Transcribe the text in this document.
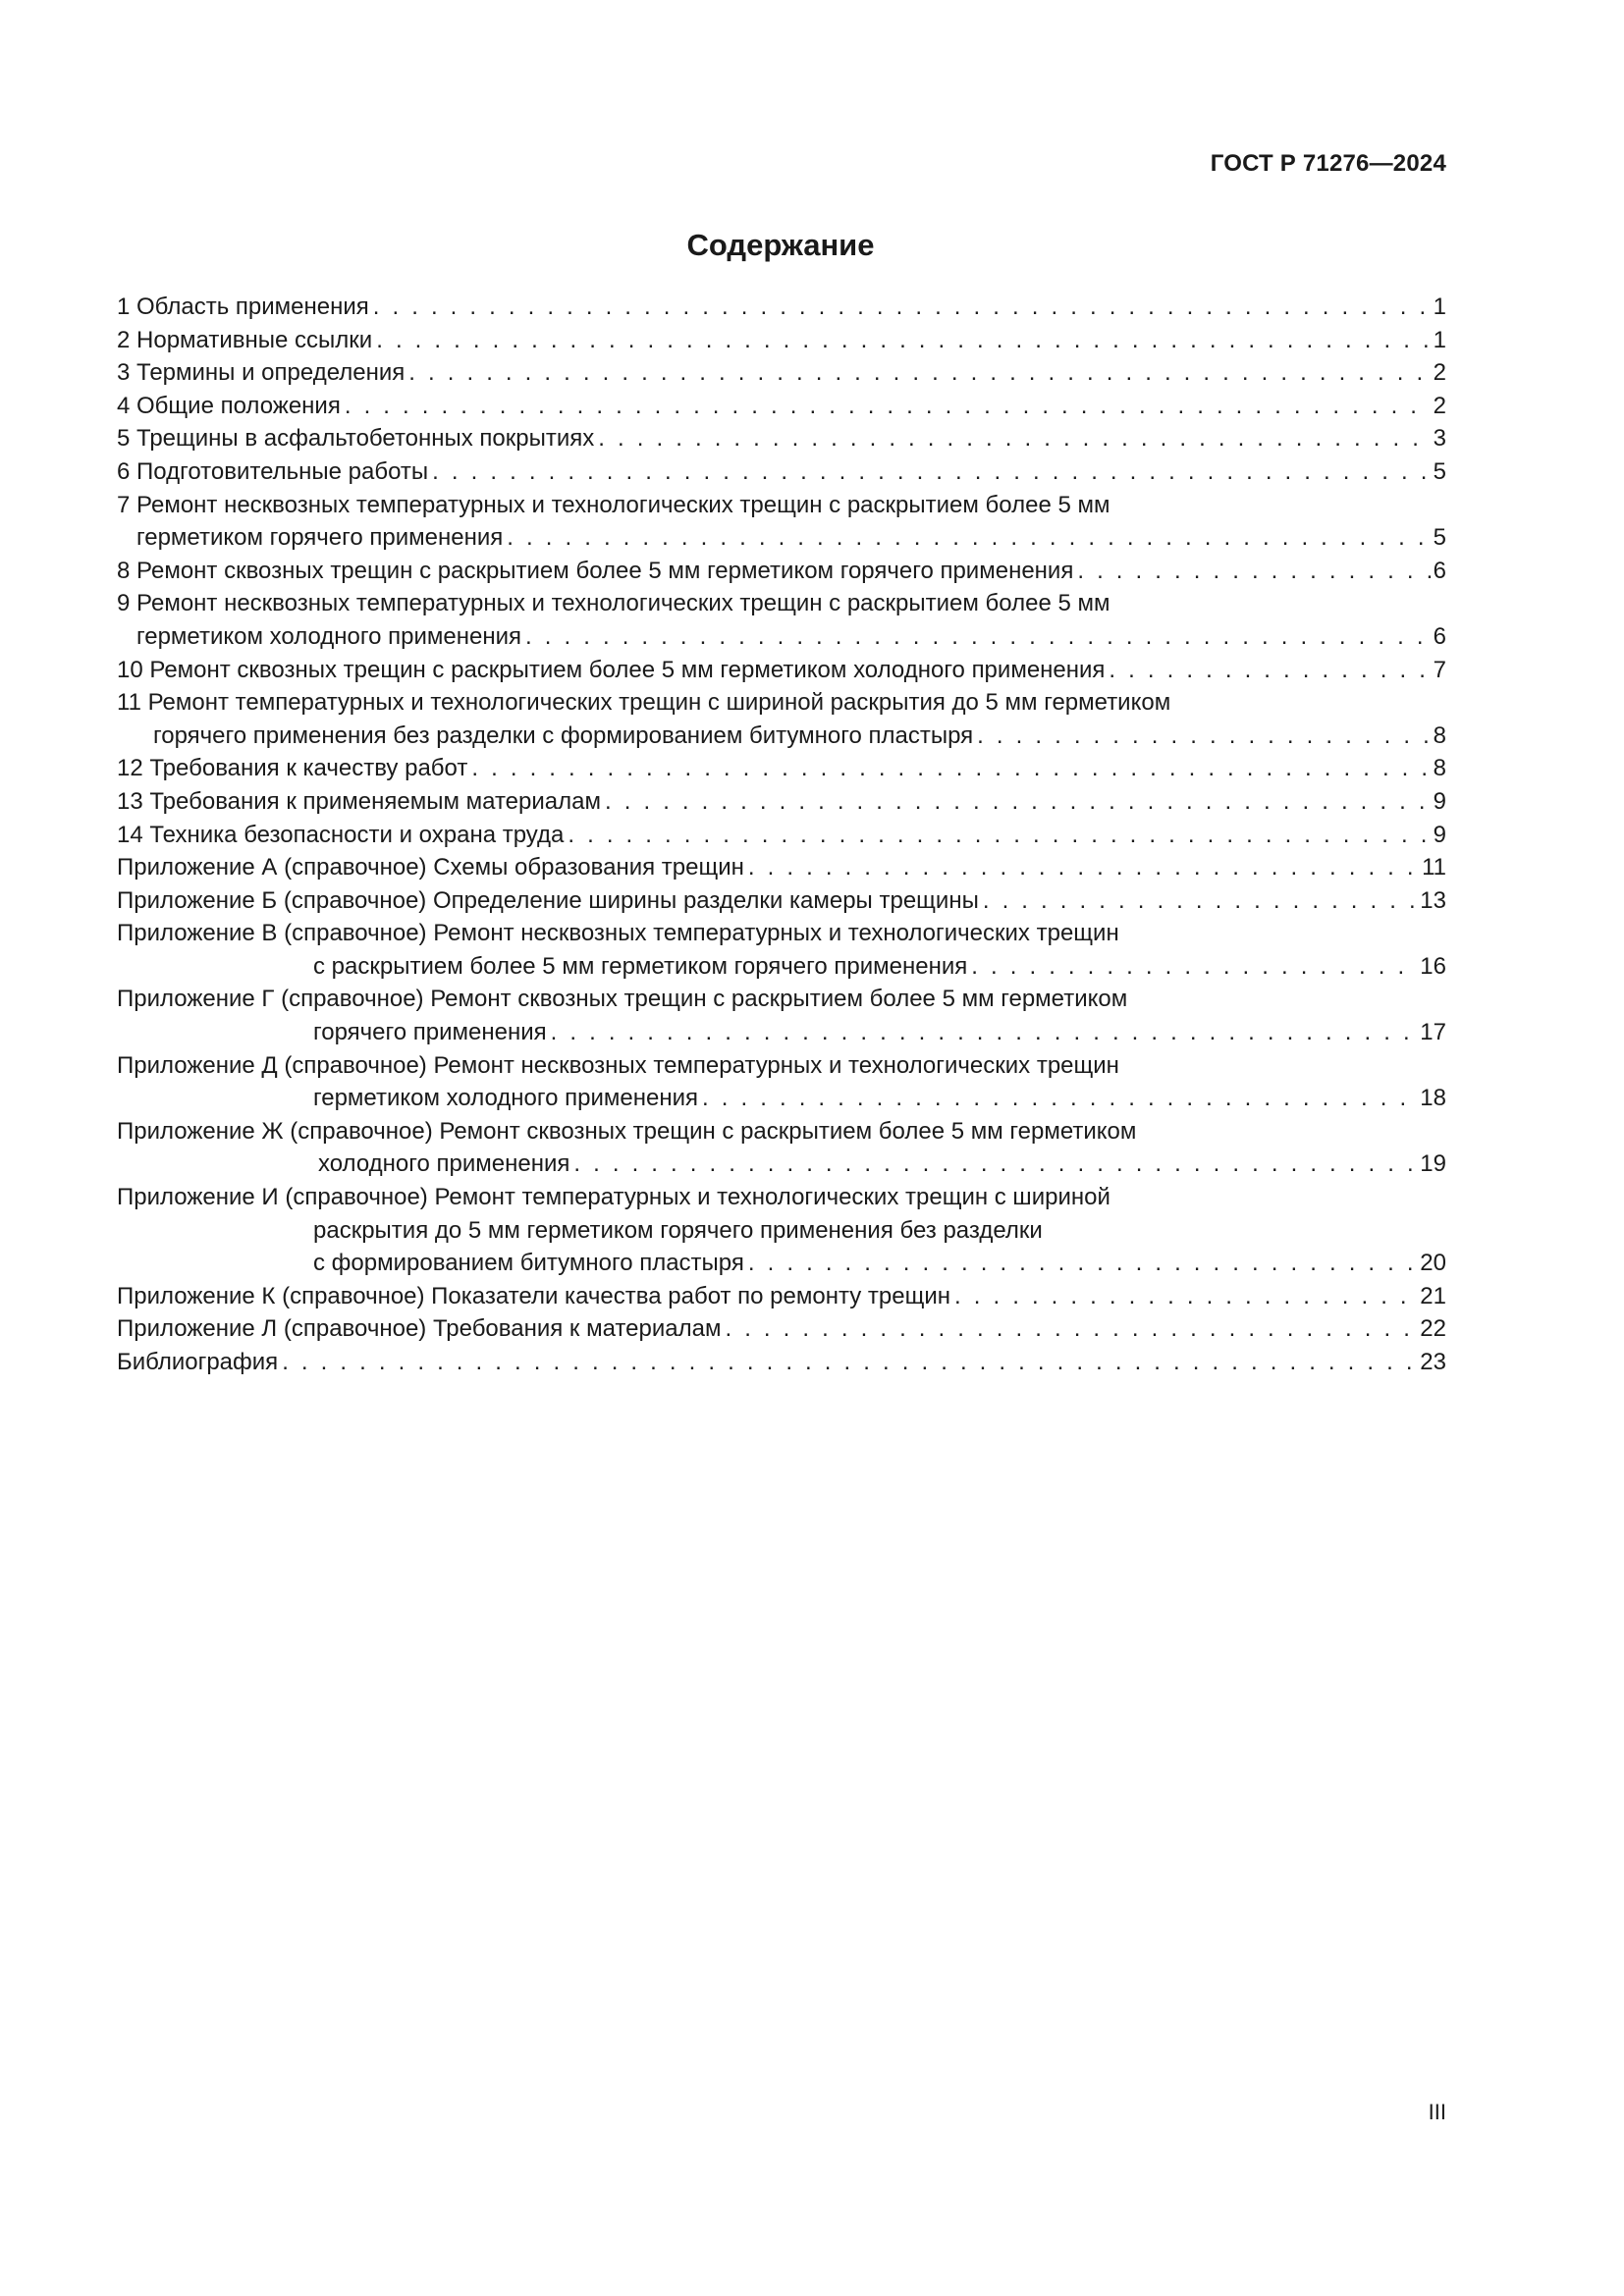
ГОСТ Р 71276—2024
Содержание
1 Область применения . . .	1
2 Нормативные ссылки . . .	1
3 Термины и определения . . .	2
4 Общие положения . . .	2
5 Трещины в асфальтобетонных покрытиях . . .	3
6 Подготовительные работы . . .	5
7 Ремонт несквозных температурных и технологических трещин с раскрытием более 5 мм
герметиком горячего применения . . .	5
8 Ремонт сквозных трещин с раскрытием более 5 мм герметиком горячего применения . . .	6
9 Ремонт несквозных температурных и технологических трещин с раскрытием более 5 мм
герметиком холодного применения . . .	6
10 Ремонт сквозных трещин с раскрытием более 5 мм герметиком холодного применения . . .	7
11 Ремонт температурных и технологических трещин с шириной раскрытия до 5 мм герметиком
горячего применения без разделки с формированием битумного пластыря . . .	8
12 Требования к качеству работ . . .	8
13 Требования к применяемым материалам . . .	9
14 Техника безопасности и охрана труда . . .	9
Приложение А (справочное) Схемы образования трещин . . .	11
Приложение Б (справочное) Определение ширины разделки камеры трещины . . .	13
Приложение В (справочное) Ремонт несквозных температурных и технологических трещин
с раскрытием более 5 мм герметиком горячего применения . . .	16
Приложение Г (справочное) Ремонт сквозных трещин с раскрытием более 5 мм герметиком
горячего применения . . .	17
Приложение Д (справочное) Ремонт несквозных температурных и технологических трещин
герметиком холодного применения . . .	18
Приложение Ж (справочное) Ремонт сквозных трещин с раскрытием более 5 мм герметиком
холодного применения . . .	19
Приложение И (справочное) Ремонт температурных и технологических трещин с шириной
раскрытия до 5 мм герметиком горячего применения без разделки
с формированием битумного пластыря . . .	20
Приложение К (справочное) Показатели качества работ по ремонту трещин . . .	21
Приложение Л (справочное) Требования к материалам . . .	22
Библиография . . .	23
III
